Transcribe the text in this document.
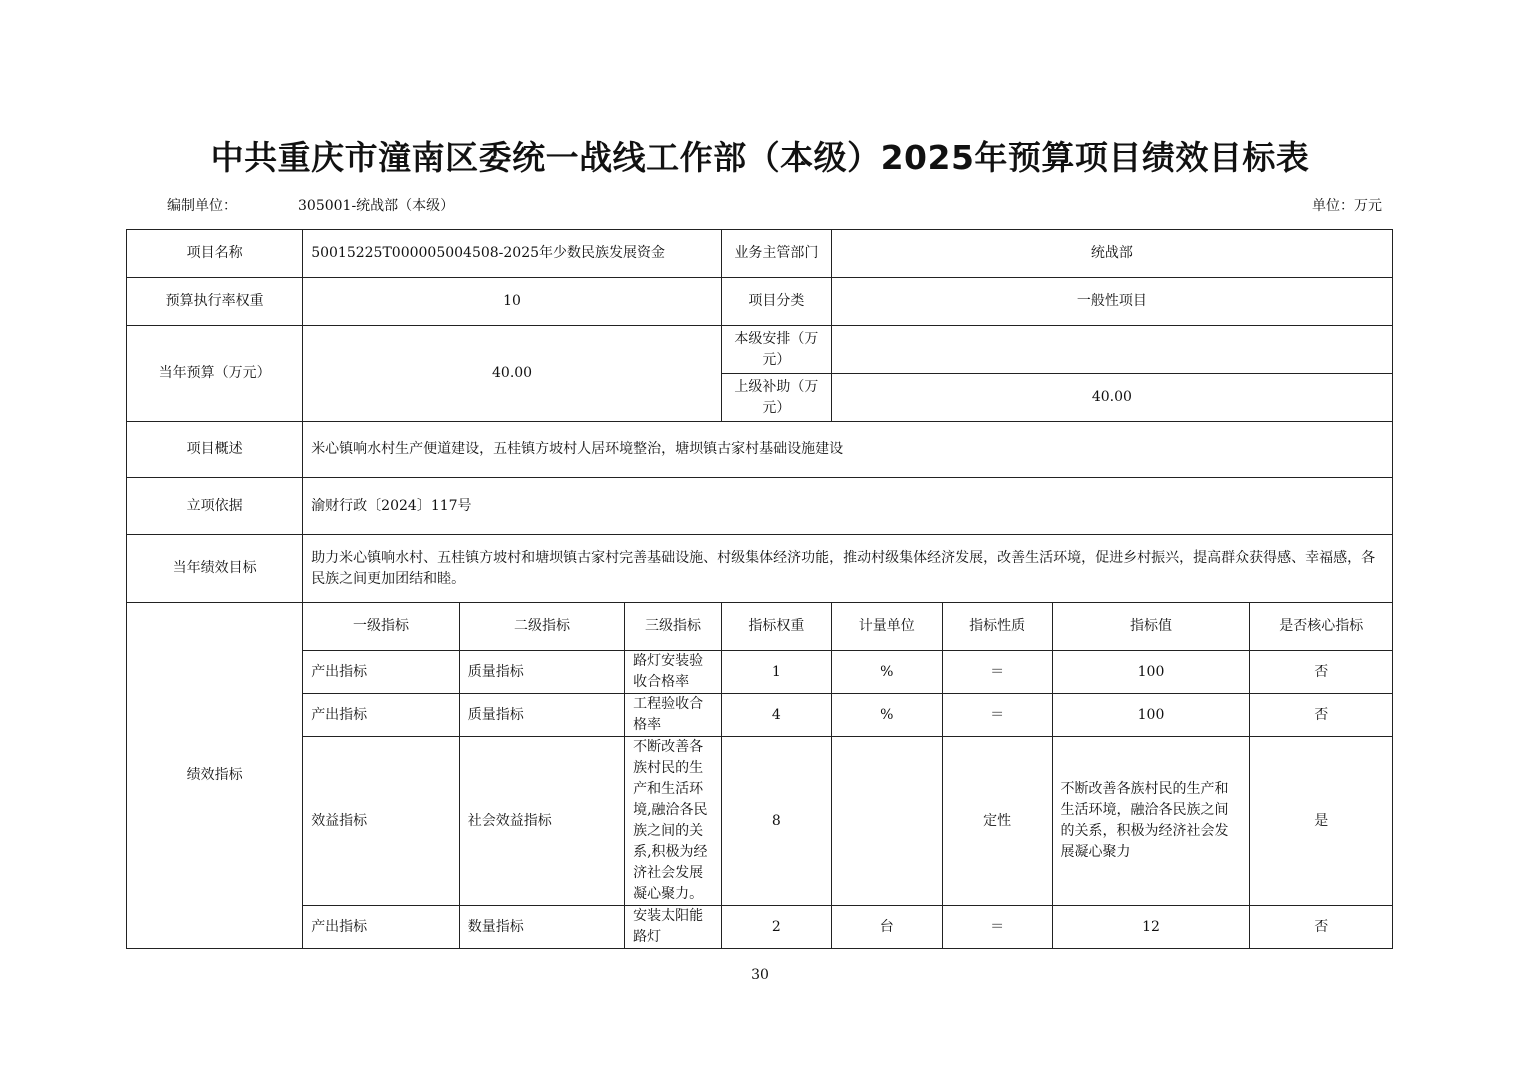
中共重庆市潼南区委统一战线工作部（本级）2025年预算项目绩效目标表
编制单位：	305001-统战部（本级）	单位：万元
项目名称	50015225T000005004508-2025年少数民族发展资金			业务主管部门	统战部			
预算执行率权重	10			项目分类	一般性项目			
当年预算（万元）	40.00			本级安排（万元）				
				上级补助（万元）	40.00			
项目概述	米心镇响水村生产便道建设，五桂镇方坡村人居环境整治，塘坝镇古家村基础设施建设							
立项依据	渝财行政〔2024〕117号							
当年绩效目标	助力米心镇响水村、五桂镇方坡村和塘坝镇古家村完善基础设施、村级集体经济功能，推动村级集体经济发展，改善生活环境，促进乡村振兴，提高群众获得感、幸福感，各民族之间更加团结和睦。							
绩效指标	一级指标	二级指标	三级指标	指标权重	计量单位	指标性质	指标值	是否核心指标
	产出指标	质量指标	路灯安装验收合格率	1	%	＝	100	否
	产出指标	质量指标	工程验收合格率	4	%	＝	100	否
	效益指标	社会效益指标	不断改善各族村民的生产和生活环境,融洽各民族之间的关系,积极为经济社会发展凝心聚力。	8		定性	不断改善各族村民的生产和生活环境，融洽各民族之间的关系，积极为经济社会发展凝心聚力	是
	产出指标	数量指标	安装太阳能路灯	2	台	＝	12	否
30
